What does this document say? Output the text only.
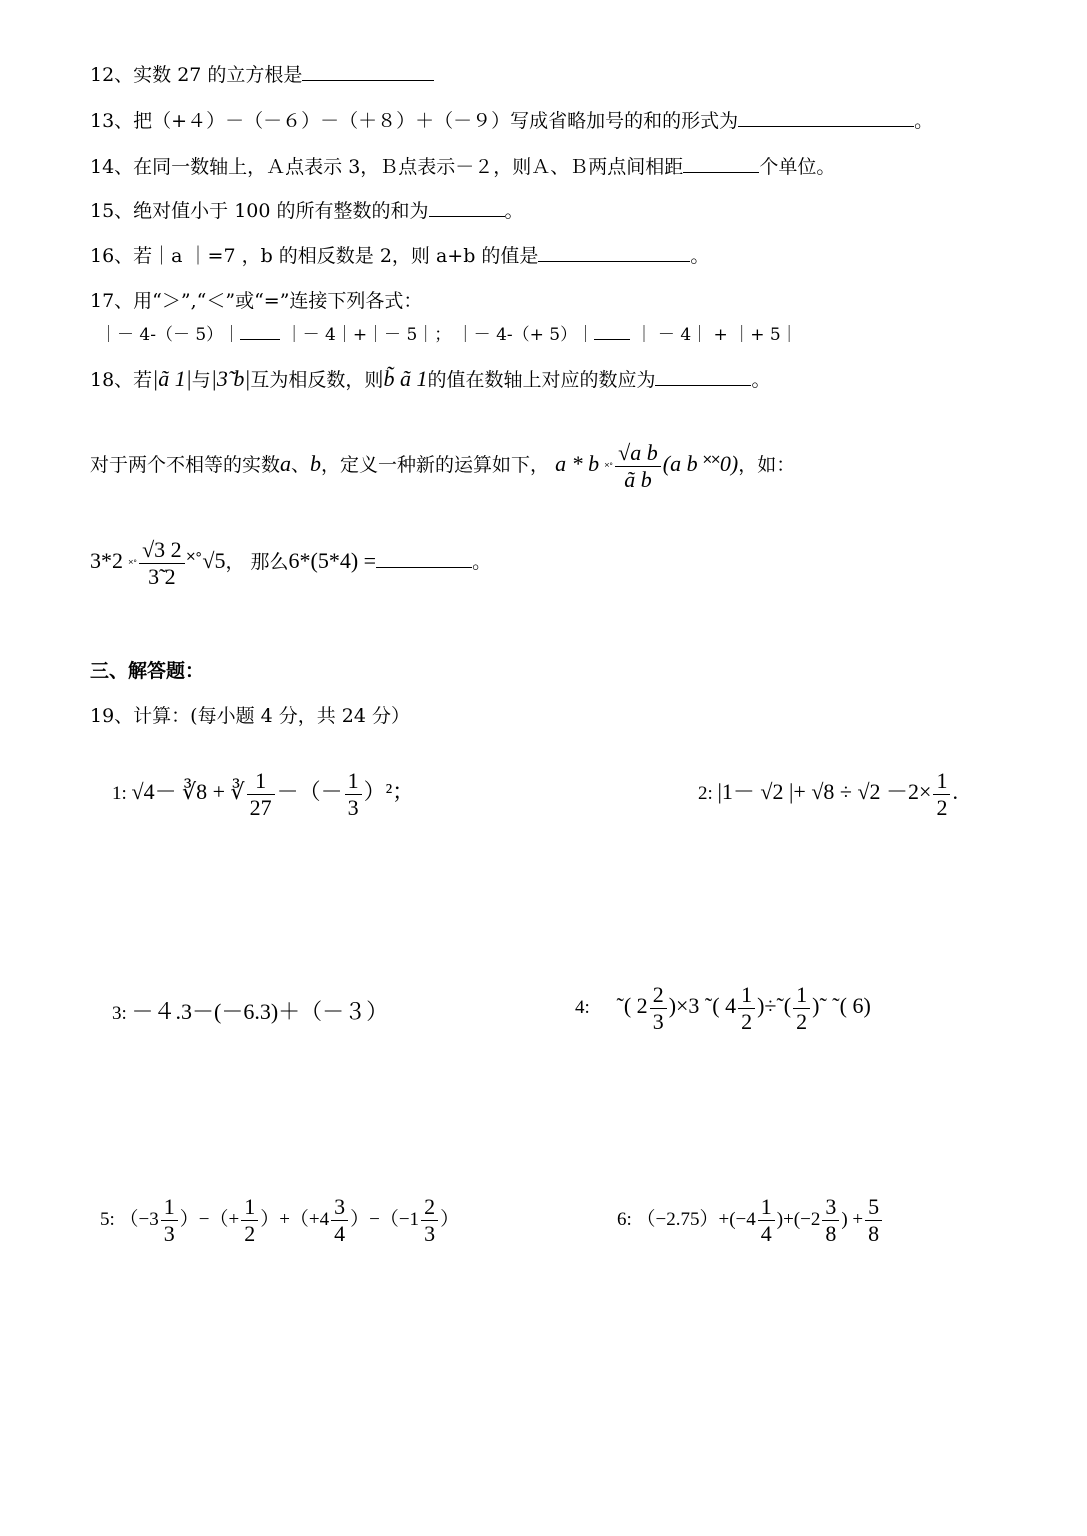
12、实数 27 的立方根是
13、把（+４）－（－６）－（＋８）＋（－９）写成省略加号的和的形式为	。
14、在同一数轴上，Ａ点表示 3，Ｂ点表示－２，则Ａ、Ｂ两点间相距	个单位。
15、绝对值小于 100 的所有整数的和为	。
16、若｜a ｜=7 ，b 的相反数是 2，则 a+b 的值是	。
17、用“＞”,“＜”或“=”连接下列各式：
｜－ 4-（－ 5）｜	｜－ 4｜+｜－ 5｜； ｜－ 4-（+ 5）｜ ｜ － 4｜ + ｜+ 5｜
18、若|ã 1|与|3̃ b|互为相反数，则b̃ ã 1的值在数轴上对应的数应为	。
对于两个不相等的实数a、b，定义一种新的运算如下， a * b ˟˚ $\frac{\text{√a b}}{\text{ã b}} (a$ b ˟˟0)，如：
3*2 ˟˚ $\frac{√3 2}{3̃ 2}$ ˟˚√5， 那么6*(5*4) =	。
三、解答题：
19、计算：(每小题 4 分，共 24 分）
1: √4－ ∛8 + ∛ $\frac{1}{27}$ －（－ $\frac{1}{3} )^2$；	2: |1－ √2 |+ $√8 \div √2 -2\times \frac{1}{2}$ .
3: －４.3－(－6.3)＋（－３）	4: ˜( $2 \frac{2}{3} )\times 3$ ˜( $4 \frac{1}{2}$ )÷˜( $\frac{1}{2}$ )˜ ˜( 6)
5: （$-3 \frac{1}{3}$ ）−（+ $\frac{1}{2} )+(+4 \frac{3}{4} )-(-1 \frac{2}{3}$ ）	6: $(-2.75)+(-4 \frac{1}{4} )+(-2 \frac{3}{8}$ ) + $\frac{5}{8}$
